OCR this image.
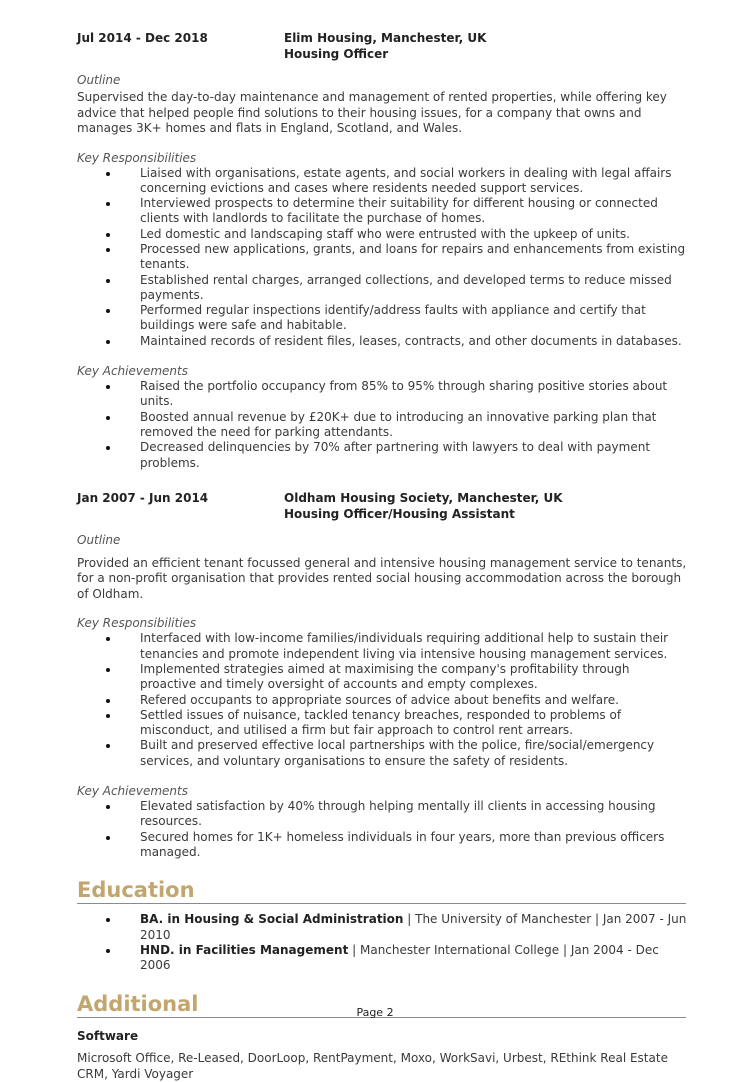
Jul 2014 - Dec 2018	Elim Housing, Manchester, UK
Housing Officer
Outline

Supervised the day-to-day maintenance and management of rented properties, while offering key advice that helped people find solutions to their housing issues, for a company that owns and manages 3K+ homes and flats in England, Scotland, and Wales.

Key Responsibilities
Liaised with organisations, estate agents, and social workers in dealing with legal affairs concerning evictions and cases where residents needed support services.
Interviewed prospects to determine their suitability for different housing or connected clients with landlords to facilitate the purchase of homes.
Led domestic and landscaping staff who were entrusted with the upkeep of units.
Processed new applications, grants, and loans for repairs and enhancements from existing tenants.
Established rental charges, arranged collections, and developed terms to reduce missed payments.
Performed regular inspections identify/address faults with appliance and certify that buildings were safe and habitable.
Maintained records of resident files, leases, contracts, and other documents in databases.
Key Achievements
Raised the portfolio occupancy from 85% to 95% through sharing positive stories about units.
Boosted annual revenue by £20K+ due to introducing an innovative parking plan that removed the need for parking attendants.
Decreased delinquencies by 70% after partnering with lawyers to deal with payment problems.
Jan 2007 - Jun 2014	Oldham Housing Society, Manchester, UK
Housing Officer/Housing Assistant
Outline

Provided an efficient tenant focussed general and intensive housing management service to tenants, for a non-profit organisation that provides rented social housing accommodation across the borough of Oldham.

Key Responsibilities
Interfaced with low-income families/individuals requiring additional help to sustain their tenancies and promote independent living via intensive housing management services.
Implemented strategies aimed at maximising the company's profitability through proactive and timely oversight of accounts and empty complexes.
Refered occupants to appropriate sources of advice about benefits and welfare.
Settled issues of nuisance, tackled tenancy breaches, responded to problems of misconduct, and utilised a firm but fair approach to control rent arrears.
Built and preserved effective local partnerships with the police, fire/social/emergency services, and voluntary organisations to ensure the safety of residents.
Key Achievements
Elevated satisfaction by 40% through helping mentally ill clients in accessing housing resources.
Secured homes for 1K+ homeless individuals in four years, more than previous officers managed.
Education
BA. in Housing & Social Administration | The University of Manchester | Jan 2007 - Jun 2010
HND. in Facilities Management | Manchester International College | Jan 2004 - Dec 2006
Additional
Software

Microsoft Office, Re-Leased, DoorLoop, RentPayment, Moxo, WorkSavi, Urbest, REthink Real Estate CRM, Yardi Voyager

Page 2
